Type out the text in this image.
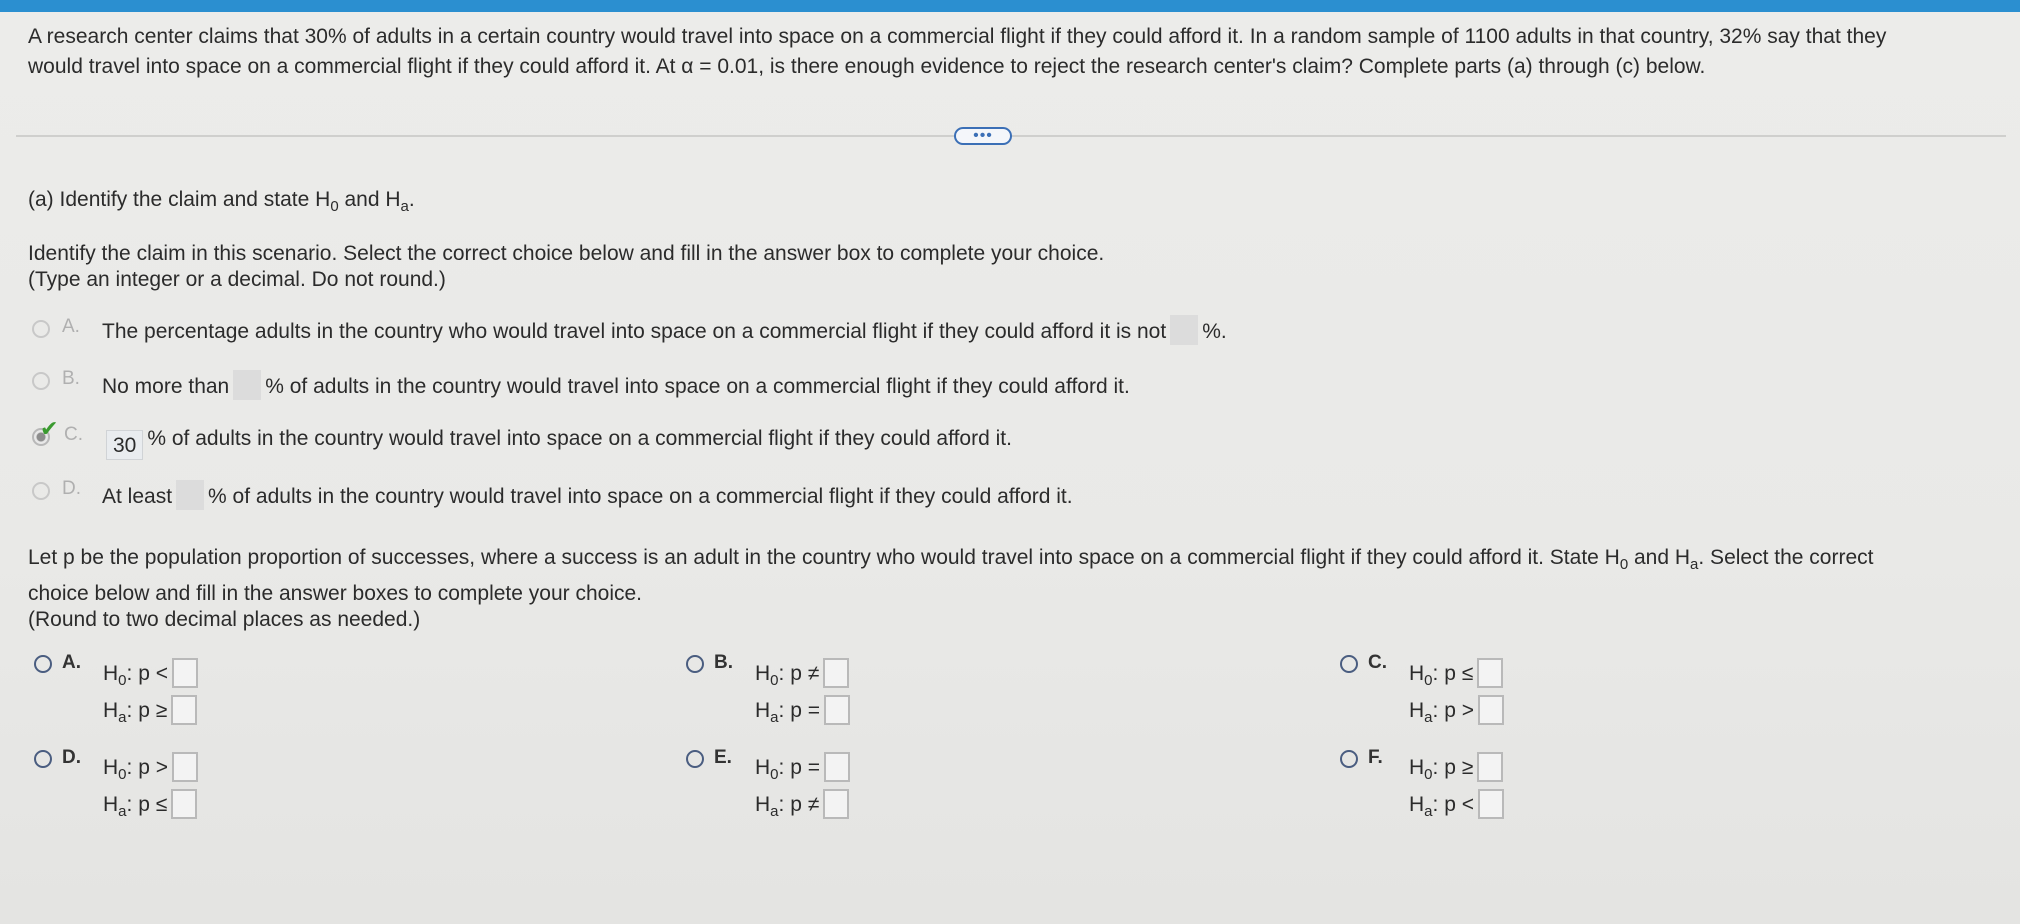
A research center claims that 30% of adults in a certain country would travel into space on a commercial flight if they could afford it. In a random sample of 1100 adults in that country, 32% say that they
would travel into space on a commercial flight if they could afford it. At α = 0.01, is there enough evidence to reject the research center's claim? Complete parts (a) through (c) below.
•••
(a) Identify the claim and state $H_0$ and $H_a$.
Identify the claim in this scenario. Select the correct choice below and fill in the answer box to complete your choice.
(Type an integer or a decimal. Do not round.)
A. The percentage adults in the country who would travel into space on a commercial flight if they could afford it is not %.
B. No more than % of adults in the country would travel into space on a commercial flight if they could afford it.
✔ C.	30 % of adults in the country would travel into space on a commercial flight if they could afford it.
D. At least % of adults in the country would travel into space on a commercial flight if they could afford it.
Let p be the population proportion of successes, where a success is an adult in the country who would travel into space on a commercial flight if they could afford it. State $H_0$ and $H_a$. Select the correct
choice below and fill in the answer boxes to complete your choice.
(Round to two decimal places as needed.)
A. $H_0$: p <
$H_a$: p ≥
B. $H_0$: p ≠
$H_a$: p =
C. $H_0$: p ≤
$H_a$: p >
D. $H_0$: p >
$H_a$: p ≤
E. $H_0$: p =
$H_a$: p ≠
F. $H_0$: p ≥
$H_a$: p <
